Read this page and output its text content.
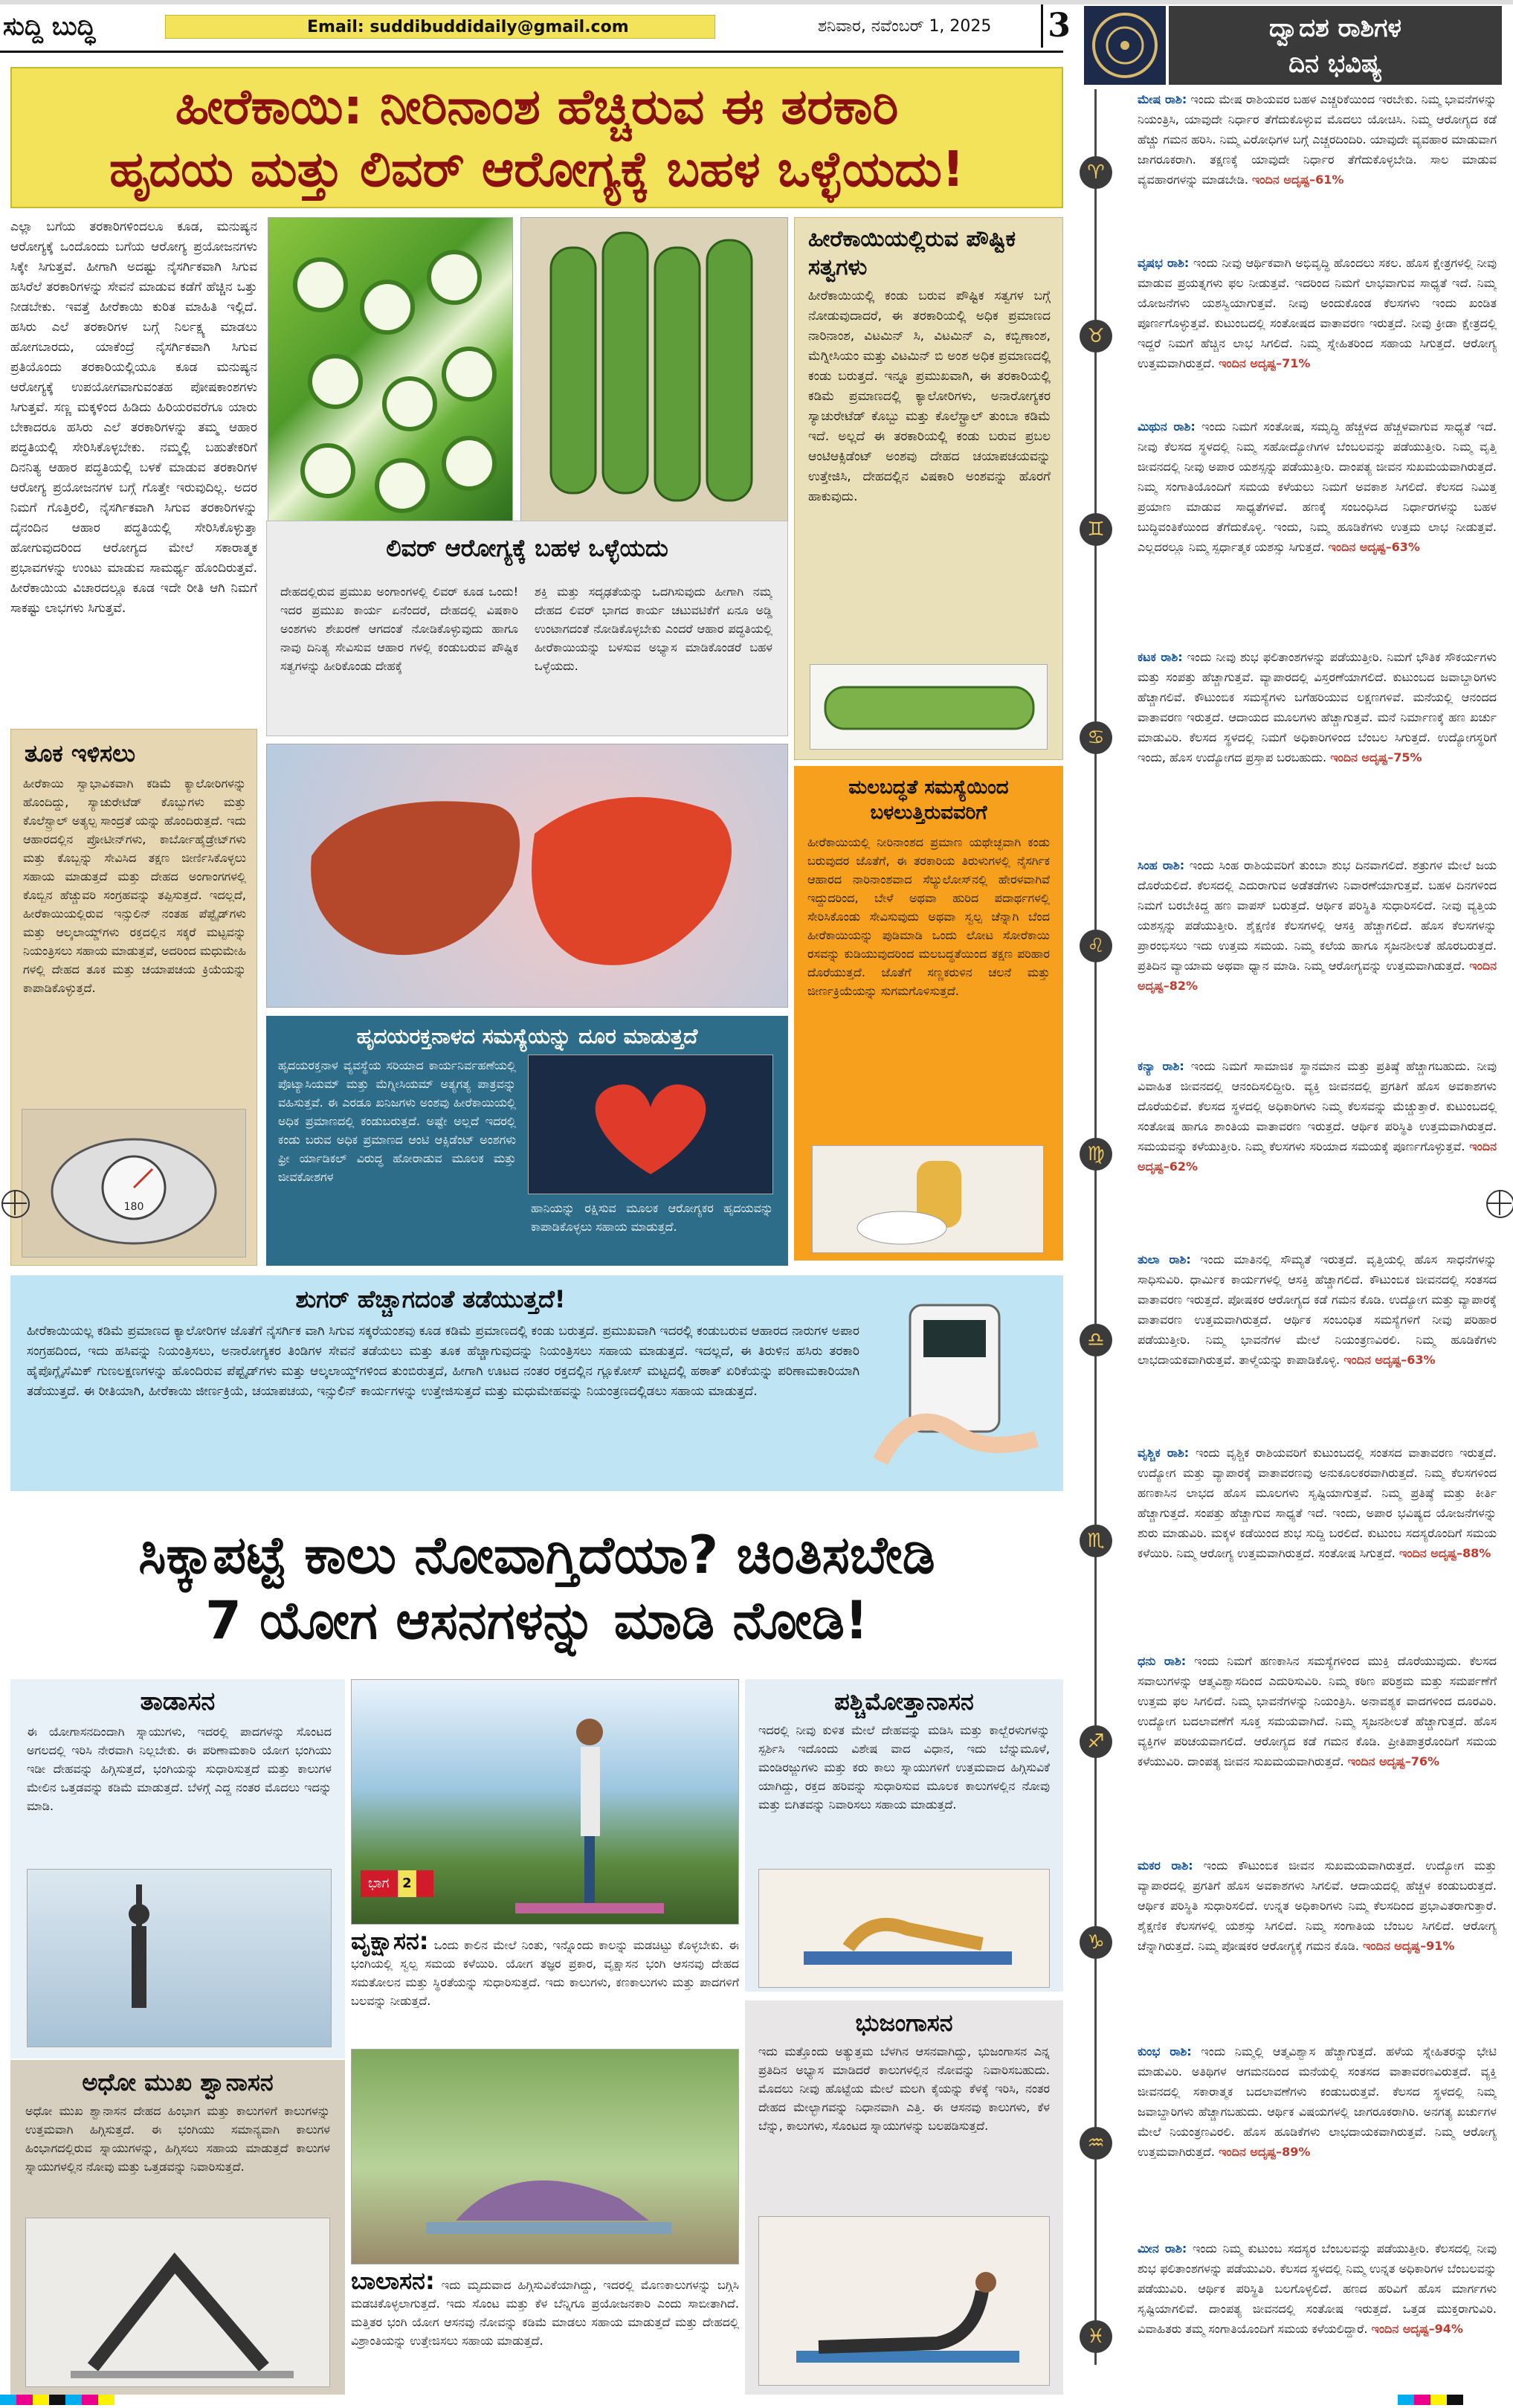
ಸುದ್ದಿ ಬುದ್ಧಿ	Email: suddibuddidaily@gmail.com	ಶನಿವಾರ, ನವೆಂಬರ್ 1, 2025	3
ಹೀರೆಕಾಯಿ: ನೀರಿನಾಂಶ ಹೆಚ್ಚಿರುವ ಈ ತರಕಾರಿ
ಹೃದಯ ಮತ್ತು ಲಿವರ್ ಆರೋಗ್ಯಕ್ಕೆ ಬಹಳ ಒಳ್ಳೆಯದು!
ಎಲ್ಲಾ ಬಗೆಯ ತರಕಾರಿಗಳಿಂದಲೂ ಕೂಡ, ಮನುಷ್ಯನ ಆರೋಗ್ಯಕ್ಕೆ ಒಂದೊಂದು ಬಗೆಯ ಆರೋಗ್ಯ ಪ್ರಯೋಜನಗಳು ಸಿಕ್ಕೇ ಸಿಗುತ್ತವೆ. ಹೀಗಾಗಿ ಅದಷ್ಟು ನೈಸರ್ಗಿಕವಾಗಿ ಸಿಗುವ ಹಸಿರೆಲೆ ತರಕಾರಿಗಳನ್ನು ಸೇವನೆ ಮಾಡುವ ಕಡೆಗೆ ಹೆಚ್ಚಿನ ಒತ್ತು ನೀಡಬೇಕು. ಇವತ್ತೆ ಹೀರೆಕಾಯಿ ಕುರಿತ ಮಾಹಿತಿ ಇಲ್ಲಿದೆ. ಹಸಿರು ಎಲೆ ತರಕಾರಿಗಳ ಬಗ್ಗೆ ನಿರ್ಲಕ್ಷ್ಯ ಮಾಡಲು ಹೋಗಬಾರದು, ಯಾಕೆಂದ್ರೆ ನೈಸರ್ಗಿಕವಾಗಿ ಸಿಗುವ ಪ್ರತಿಯೊಂದು ತರಕಾರಿಯಲ್ಲಿಯೂ ಕೂಡ ಮನುಷ್ಯನ ಆರೋಗ್ಯಕ್ಕೆ ಉಪಯೋಗವಾಗುವಂತಹ ಪೋಷಕಾಂಶಗಳು ಸಿಗುತ್ತವೆ. ಸಣ್ಣ ಮಕ್ಕಳಿಂದ ಹಿಡಿದು ಹಿರಿಯರವರೆಗೂ ಯಾರು ಬೇಕಾದರೂ ಹಸಿರು ಎಲೆ ತರಕಾರಿಗಳನ್ನು ತಮ್ಮ ಆಹಾರ ಪದ್ಧತಿಯಲ್ಲಿ ಸೇರಿಸಿಕೊಳ್ಳಬೇಕು. ನಮ್ಮಲ್ಲಿ ಬಹುತೇಕರಿಗೆ ದಿನನಿತ್ಯ ಆಹಾರ ಪದ್ಧತಿಯಲ್ಲಿ ಬಳಕೆ ಮಾಡುವ ತರಕಾರಿಗಳ ಆರೋಗ್ಯ ಪ್ರಯೋಜನಗಳ ಬಗ್ಗೆ ಗೊತ್ತೇ ಇರುವುದಿಲ್ಲ. ಅದರ ನಿಮಗೆ ಗೊತ್ತಿರಲಿ, ನೈಸರ್ಗಿಕವಾಗಿ ಸಿಗುವ ತರಕಾರಿಗಳನ್ನು ದೈನಂದಿನ ಆಹಾರ ಪದ್ಧತಿಯಲ್ಲಿ ಸೇರಿಸಿಕೊಳ್ಳುತ್ತಾ ಹೋಗುವುದರಿಂದ ಆರೋಗ್ಯದ ಮೇಲೆ ಸಕಾರಾತ್ಮಕ ಪ್ರಭಾವಗಳನ್ನು ಉಂಟು ಮಾಡುವ ಸಾಮರ್ಥ್ಯ ಹೊಂದಿರುತ್ತವೆ. ಹೀರೆಕಾಯಿಯ ವಿಚಾರದಲ್ಲೂ ಕೂಡ ಇದೇ ರೀತಿ ಆಗಿ ನಿಮಗೆ ಸಾಕಷ್ಟು ಲಾಭಗಳು ಸಿಗುತ್ತವೆ.
ಹೀರೆಕಾಯಿಯಲ್ಲಿರುವ ಪೌಷ್ಟಿಕ ಸತ್ವಗಳು
ಹೀರೆಕಾಯಿಯಲ್ಲಿ ಕಂಡು ಬರುವ ಪೌಷ್ಟಿಕ ಸತ್ವಗಳ ಬಗ್ಗೆ ನೋಡುವುದಾದರೆ, ಈ ತರಕಾರಿಯಲ್ಲಿ ಅಧಿಕ ಪ್ರಮಾಣದ ನಾರಿನಾಂಶ, ವಿಟಮಿನ್ ಸಿ, ವಿಟಮಿನ್ ಎ, ಕಬ್ಬಿಣಾಂಶ, ಮೆಗ್ನೀಸಿಯಂ ಮತ್ತು ವಿಟಮಿನ್ ಬಿ ಅಂಶ ಅಧಿಕ ಪ್ರಮಾಣದಲ್ಲಿ ಕಂಡು ಬರುತ್ತದೆ. ಇನ್ನೂ ಪ್ರಮುಖವಾಗಿ, ಈ ತರಕಾರಿಯಲ್ಲಿ ಕಡಿಮೆ ಪ್ರಮಾಣದಲ್ಲಿ ಕ್ಯಾಲೋರಿಗಳು, ಅನಾರೋಗ್ಯಕರ ಸ್ಯಾಚುರೇಟೆಡ್ ಕೊಬ್ಬು ಮತ್ತು ಕೊಲೆಸ್ಟ್ರಾಲ್ ತುಂಬಾ ಕಡಿಮೆ ಇದೆ. ಅಲ್ಲದೆ ಈ ತರಕಾರಿಯಲ್ಲಿ ಕಂಡು ಬರುವ ಪ್ರಬಲ ಆಂಟಿಆಕ್ಸಿಡೆಂಟ್ ಅಂಶವು ದೇಹದ ಚಯಾಪಚಯವನ್ನು ಉತ್ತೇಜಿಸಿ, ದೇಹದಲ್ಲಿನ ವಿಷಕಾರಿ ಅಂಶವನ್ನು ಹೊರಗೆ ಹಾಕುವುದು.
ಲಿವರ್ ಆರೋಗ್ಯಕ್ಕೆ ಬಹಳ ಒಳ್ಳೆಯದು
ದೇಹದಲ್ಲಿರುವ ಪ್ರಮುಖ ಅಂಗಾಂಗಳಲ್ಲಿ ಲಿವರ್ ಕೂಡ ಒಂದು! ಇದರ ಪ್ರಮುಖ ಕಾರ್ಯ ಏನೆಂದರೆ, ದೇಹದಲ್ಲಿ ವಿಷಕಾರಿ ಅಂಶಗಳು ಶೇಖರಣೆ ಆಗದಂತೆ ನೋಡಿಕೊಳ್ಳುವುದು ಹಾಗೂ ನಾವು ದಿನಿತ್ಯ ಸೇವಿಸುವ ಆಹಾರ ಗಳಲ್ಲಿ ಕಂಡುಬರುವ ಪೌಷ್ಟಿಕ ಸತ್ವಗಳನ್ನು ಹೀರಿಕೊಂಡು ದೇಹಕ್ಕೆ
ಶಕ್ತಿ ಮತ್ತು ಸದೃಢತೆಯನ್ನು ಒದಗಿಸುವುದು ಹೀಗಾಗಿ ನಮ್ಮ ದೇಹದ ಲಿವರ್ ಭಾಗದ ಕಾರ್ಯ ಚಟುವಟಿಕೆಗೆ ಏನೂ ಅಡ್ಡಿ ಉಂಟಾಗದಂತೆ ನೋಡಿಕೊಳ್ಳಬೇಕು ಎಂದರೆ ಆಹಾರ ಪದ್ಧತಿಯಲ್ಲಿ ಹೀರೆಕಾಯಿಯನ್ನು ಬಳಸುವ ಅಭ್ಯಾಸ ಮಾಡಿಕೊಂಡರೆ ಬಹಳ ಒಳ್ಳೆಯದು.
ತೂಕ ಇಳಿಸಲು
ಹೀರೆಕಾಯಿ ಸ್ವಾಭಾವಿಕವಾಗಿ ಕಡಿಮೆ ಕ್ಯಾಲೋರಿಗಳನ್ನು ಹೊಂದಿದ್ದು, ಸ್ಯಾಚುರೇಟೆಡ್ ಕೊಬ್ಬುಗಳು ಮತ್ತು ಕೊಲೆಸ್ಟ್ರಾಲ್ ಅತ್ಯಲ್ಪ ಸಾಂದ್ರತೆ ಯನ್ನು ಹೊಂದಿರುತ್ತದೆ. ಇದು ಆಹಾರದಲ್ಲಿನ ಪ್ರೋಟೀನ್‌ಗಳು, ಕಾರ್ಬೋಹೈಡ್ರೇಟ್‌ಗಳು ಮತ್ತು ಕೊಬ್ಬನ್ನು ಸೇವಿಸಿದ ತಕ್ಷಣ ಜೀರ್ಣಿಸಿಕೊಳ್ಳಲು ಸಹಾಯ ಮಾಡುತ್ತದೆ ಮತ್ತು ದೇಹದ ಅಂಗಾಂಗಗಳಲ್ಲಿ ಕೊಬ್ಬಿನ ಹೆಚ್ಚುವರಿ ಸಂಗ್ರಹವನ್ನು ತಪ್ಪಿಸುತ್ತದೆ. ಇದಲ್ಲದೆ, ಹೀರೆಕಾಯಿಯಲ್ಲಿರುವ ಇನ್ಸುಲಿನ್ ನಂತಹ ಪೆಪ್ಟೈಡ್‌ಗಳು ಮತ್ತು ಆಲ್ಕಲಾಯ್ಡ್‌ಗಳು ರಕ್ತದಲ್ಲಿನ ಸಕ್ಕರೆ ಮಟ್ಟವನ್ನು ನಿಯಂತ್ರಿಸಲು ಸಹಾಯ ಮಾಡುತ್ತವೆ, ಅದರಿಂದ ಮಧುಮೇಹಿ ಗಳಲ್ಲಿ ದೇಹದ ತೂಕ ಮತ್ತು ಚಯಾಪಚಯ ಕ್ರಿಯೆಯನ್ನು ಕಾಪಾಡಿಕೊಳ್ಳುತ್ತದೆ.
180
ಮಲಬದ್ಧತೆ ಸಮಸ್ಯೆಯಿಂದ ಬಳಲುತ್ತಿರುವವರಿಗೆ
ಹೀರೆಕಾಯಿಯಲ್ಲಿ ನೀರಿನಾಂಶದ ಪ್ರಮಾಣ ಯಥೇಚ್ಛವಾಗಿ ಕಂಡು ಬರುವುದರ ಜೊತೆಗೆ, ಈ ತರಕಾರಿಯ ತಿರುಳುಗಳಲ್ಲಿ ನೈಸರ್ಗಿಕ ಆಹಾರದ ನಾರಿನಾಂಶವಾದ ಸೆಲ್ಯುಲೋಸ್‌ನಲ್ಲಿ ಹೇರಳವಾಗಿವೆ ಇದ್ದುದರಿಂದ, ಬೇಳೆ ಅಥವಾ ಹುರಿದ ಪದಾರ್ಥಗಳಲ್ಲಿ ಸೇರಿಸಿಕೊಂಡು ಸೇವಿಸುವುದು ಅಥವಾ ಸ್ವಲ್ಪ ಚೆನ್ನಾಗಿ ಬೆಂದ ಹೀರೆಕಾಯಿಯನ್ನು ಪುಡಿಮಾಡಿ ಒಂದು ಲೋಟ ಸೋರೆಕಾಯಿ ರಸವನ್ನು ಕುಡಿಯುವುದರಿಂದ ಮಲಬದ್ಧತೆಯಿಂದ ತಕ್ಷಣ ಪರಿಹಾರ ದೊರೆಯುತ್ತದೆ. ಜೊತೆಗೆ ಸಣ್ಣಕರುಳಿನ ಚಲನೆ ಮತ್ತು ಜೀರ್ಣಕ್ರಿಯೆಯನ್ನು ಸುಗಮಗೊಳಿಸುತ್ತದೆ.
ಹೃದಯರಕ್ತನಾಳದ ಸಮಸ್ಯೆಯನ್ನು ದೂರ ಮಾಡುತ್ತದೆ
ಹೃದಯರಕ್ತನಾಳ ವ್ಯವಸ್ಥೆಯ ಸರಿಯಾದ ಕಾರ್ಯನಿರ್ವಹಣೆಯಲ್ಲಿ ಪೊಟ್ಯಾಸಿಯಮ್ ಮತ್ತು ಮೆಗ್ನೀಸಿಯಮ್ ಅತ್ಯಗತ್ಯ ಪಾತ್ರವನ್ನು ವಹಿಸುತ್ತವೆ. ಈ ಎರಡೂ ಖನಿಜಗಳು ಅಂಶವು ಹೀರೆಕಾಯಿಯಲ್ಲಿ ಅಧಿಕ ಪ್ರಮಾಣದಲ್ಲಿ ಕಂಡುಬರುತ್ತದೆ. ಅಷ್ಟೇ ಅಲ್ಲದೆ ಇದರಲ್ಲಿ ಕಂಡು ಬರುವ ಅಧಿಕ ಪ್ರಮಾಣದ ಆಂಟಿ ಆಕ್ಸಿಡೆಂಟ್ ಅಂಶಗಳು ಫ್ರೀ ರ್ಯಾಡಿಕಲ್ ವಿರುದ್ಧ ಹೋರಾಡುವ ಮೂಲಕ ಮತ್ತು ಜೀವಕೋಶಗಳ
ಹಾನಿಯನ್ನು ರಕ್ಷಿಸುವ ಮೂಲಕ ಆರೋಗ್ಯಕರ ಹೃದಯವನ್ನು ಕಾಪಾಡಿಕೊಳ್ಳಲು ಸಹಾಯ ಮಾಡುತ್ತದೆ.
ಶುಗರ್ ಹೆಚ್ಚಾಗದಂತೆ ತಡೆಯುತ್ತದೆ!
ಹೀರೆಕಾಯಿಯಲ್ಲ ಕಡಿಮೆ ಪ್ರಮಾಣದ ಕ್ಯಾಲೋರಿಗಳ ಜೊತೆಗೆ ನೈಸರ್ಗಿಕ ವಾಗಿ ಸಿಗುವ ಸಕ್ಕರೆಯಂಶವು ಕೂಡ ಕಡಿಮೆ ಪ್ರಮಾಣದಲ್ಲಿ ಕಂಡು ಬರುತ್ತದೆ. ಪ್ರಮುಖವಾಗಿ ಇದರಲ್ಲಿ ಕಂಡುಬರುವ ಆಹಾರದ ನಾರುಗಳ ಅಪಾರ ಸಂಗ್ರಹದಿಂದ, ಇದು ಹಸಿವನ್ನು ನಿಯಂತ್ರಿಸಲು, ಅನಾರೋಗ್ಯಕರ ತಿಂಡಿಗಳ ಸೇವನೆ ತಡೆಯಲು ಮತ್ತು ತೂಕ ಹೆಚ್ಚಾಗುವುದನ್ನು ನಿಯಂತ್ರಿಸಲು ಸಹಾಯ ಮಾಡುತ್ತದೆ. ಇದಲ್ಲದೆ, ಈ ತಿರುಳಿನ ಹಸಿರು ತರಕಾರಿ ಹೈಪೊಗ್ಲೈಸೆಮಿಕ್ ಗುಣಲಕ್ಷಣಗಳನ್ನು ಹೊಂದಿರುವ ಪೆಪ್ಟೈಡ್‌ಗಳು ಮತ್ತು ಆಲ್ಕಲಾಯ್ಡ್‌ಗಳಿಂದ ತುಂಬಿರುತ್ತದೆ, ಹೀಗಾಗಿ ಊಟದ ನಂತರ ರಕ್ತದಲ್ಲಿನ ಗ್ಲೂಕೋಸ್ ಮಟ್ಟದಲ್ಲಿ ಹಠಾತ್ ಏರಿಕೆಯನ್ನು ಪರಿಣಾಮಕಾರಿಯಾಗಿ ತಡೆಯುತ್ತದೆ. ಈ ರೀತಿಯಾಗಿ, ಹೀರೆಕಾಯಿ ಜೀರ್ಣಕ್ರಿಯೆ, ಚಯಾಪಚಯ, ಇನ್ಸುಲಿನ್ ಕಾರ್ಯಗಳನ್ನು ಉತ್ತೇಜಿಸುತ್ತದೆ ಮತ್ತು ಮಧುಮೇಹವನ್ನು ನಿಯಂತ್ರಣದಲ್ಲಿಡಲು ಸಹಾಯ ಮಾಡುತ್ತದೆ.
ಸಿಕ್ಕಾಪಟ್ಟೆ ಕಾಲು ನೋವಾಗ್ತಿದೆಯಾ? ಚಿಂತಿಸಬೇಡಿ
7 ಯೋಗ ಆಸನಗಳನ್ನು ಮಾಡಿ ನೋಡಿ!
ತಾಡಾಸನ
ಈ ಯೋಗಾಸನದಿಂದಾಗಿ ಸ್ನಾಯುಗಳು, ಇದರಲ್ಲಿ ಪಾದಗಳನ್ನು ಸೊಂಟದ ಅಗಲದಲ್ಲಿ ಇರಿಸಿ ನೇರವಾಗಿ ನಿಲ್ಲಬೇಕು. ಈ ಪರಿಣಾಮಕಾರಿ ಯೋಗ ಭಂಗಿಯು ಇಡೀ ದೇಹವನ್ನು ಹಿಗ್ಗಿಸುತ್ತದೆ, ಭಂಗಿಯನ್ನು ಸುಧಾರಿಸುತ್ತದೆ ಮತ್ತು ಕಾಲುಗಳ ಮೇಲಿನ ಒತ್ತಡವನ್ನು ಕಡಿಮೆ ಮಾಡುತ್ತದೆ. ಬೆಳಗ್ಗೆ ಎದ್ದ ನಂತರ ಮೊದಲು ಇದನ್ನು ಮಾಡಿ.
ಭಾಗ 2
ವೃಕ್ಷಾಸನ: ಒಂದು ಕಾಲಿನ ಮೇಲೆ ನಿಂತು, ಇನ್ನೊಂದು ಕಾಲನ್ನು ಮಡಚಿಟ್ಟು ಕೊಳ್ಳಬೇಕು. ಈ ಭಂಗಿಯಲ್ಲಿ ಸ್ವಲ್ಪ ಸಮಯ ಕಳೆಯಿರಿ. ಯೋಗ ತಜ್ಞರ ಪ್ರಕಾರ, ವೃಕ್ಷಾಸನ ಭಂಗಿ ಆಸನವು ದೇಹದ ಸಮತೋಲನ ಮತ್ತು ಸ್ಥಿರತೆಯನ್ನು ಸುಧಾರಿಸುತ್ತದೆ. ಇದು ಕಾಲುಗಳು, ಕಣಕಾಲುಗಳು ಮತ್ತು ಪಾದಗಳಿಗೆ ಬಲವನ್ನು ನೀಡುತ್ತದೆ.
ಪಶ್ಚಿಮೋತ್ತಾನಾಸನ
ಇದರಲ್ಲಿ ನೀವು ಕುಳಿತ ಮೇಲೆ ದೇಹವನ್ನು ಮಡಿಸಿ ಮತ್ತು ಕಾಲ್ಬೆರಳುಗಳನ್ನು ಸ್ಪರ್ಶಿಸಿ ಇದೊಂದು ವಿಶೇಷ ವಾದ ವಿಧಾನ, ಇದು ಬೆನ್ನುಮೂಳೆ, ಮಂಡಿರಜ್ಜುಗಳು ಮತ್ತು ಕರು ಕಾಲು ಸ್ನಾಯುಗಳಿಗೆ ಉತ್ತಮವಾದ ಹಿಗ್ಗಿಸುವಿಕೆ ಯಾಗಿದ್ದು, ರಕ್ತದ ಹರಿವನ್ನು ಸುಧಾರಿಸುವ ಮೂಲಕ ಕಾಲುಗಳಲ್ಲಿನ ನೋವು ಮತ್ತು ಬಿಗಿತವನ್ನು ನಿವಾರಿಸಲು ಸಹಾಯ ಮಾಡುತ್ತದೆ.
ಅಧೋ ಮುಖ ಶ್ವಾನಾಸನ
ಅಧೋ ಮುಖ ಶ್ವಾನಾಸನ ದೇಹದ ಹಿಂಭಾಗ ಮತ್ತು ಕಾಲುಗಳಿಗೆ ಕಾಲುಗಳನ್ನು ಉತ್ತಮವಾಗಿ ಹಿಗ್ಗಿಸುತ್ತದೆ. ಈ ಭಂಗಿಯು ಸಮಾನ್ಯವಾಗಿ ಕಾಲುಗಳ ಹಿಂಭಾಗದಲ್ಲಿರುವ ಸ್ನಾಯುಗಳನ್ನು, ಹಿಗ್ಗಿಸಲು ಸಹಾಯ ಮಾಡುತ್ತದೆ ಕಾಲುಗಳ ಸ್ನಾಯುಗಳಲ್ಲಿನ ನೋವು ಮತ್ತು ಒತ್ತಡವನ್ನು ನಿವಾರಿಸುತ್ತದೆ.
ಬಾಲಾಸನ: ಇದು ಮೃದುವಾದ ಹಿಗ್ಗಿಸುವಿಕೆಯಾಗಿದ್ದು, ಇದರಲ್ಲಿ ಮೊಣಕಾಲುಗಳನ್ನು ಬಗ್ಗಿಸಿ ಮಡಚಿಕೊಳ್ಳಲಾಗುತ್ತದೆ. ಇದು ಸೊಂಟ ಮತ್ತು ಕೆಳ ಬೆನ್ನಿಗೂ ಪ್ರಯೋಜನಕಾರಿ ಎಂದು ಸಾಬೀತಾಗಿದೆ. ಮತ್ತಿತರ ಭಂಗಿ ಯೋಗ ಆಸನವು ನೋವನ್ನು ಕಡಿಮೆ ಮಾಡಲು ಸಹಾಯ ಮಾಡುತ್ತದೆ ಮತ್ತು ದೇಹದಲ್ಲಿ ವಿಶ್ರಾಂತಿಯನ್ನು ಉತ್ತೇಜಿಸಲು ಸಹಾಯ ಮಾಡುತ್ತದೆ.
ಭುಜಂಗಾಸನ
ಇದು ಮತ್ತೊಂದು ಅತ್ಯುತ್ತಮ ಬೆಳಗಿನ ಆಸನವಾಗಿದ್ದು, ಭುಜಂಗಾಸನ ಎನ್ನ ಪ್ರತಿದಿನ ಅಭ್ಯಾಸ ಮಾಡಿದರೆ ಕಾಲುಗಳಲ್ಲಿನ ನೋವನ್ನು ನಿವಾರಿಸಬಹುದು. ಮೊದಲು ನೀವು ಹೊಟ್ಟೆಯ ಮೇಲೆ ಮಲಗಿ ಕೈಯನ್ನು ಕೆಳಕ್ಕೆ ಇರಿಸಿ, ನಂತರ ದೇಹದ ಮೇಲ್ಭಾಗವನ್ನು ನಿಧಾನವಾಗಿ ಎತ್ತಿ. ಈ ಆಸನವು ಕಾಲುಗಳು, ಕೆಳ ಬೆನ್ನು, ಕಾಲುಗಳು, ಸೊಂಟದ ಸ್ನಾಯುಗಳನ್ನು ಬಲಪಡಿಸುತ್ತದೆ.
ದ್ವಾದಶ ರಾಶಿಗಳ
ದಿನ ಭವಿಷ್ಯ
ಮೇಷ ರಾಶಿ: ಇಂದು ಮೇಷ ರಾಶಿಯವರ ಬಹಳ ಎಚ್ಚರಿಕೆಯಿಂದ ಇರಬೇಕು. ನಿಮ್ಮ ಭಾವನೆಗಳನ್ನು ನಿಯಂತ್ರಿಸಿ, ಯಾವುದೇ ನಿರ್ಧಾರ ತೆಗೆದುಕೊಳ್ಳುವ ಮೊದಲು ಯೋಚಿಸಿ. ನಿಮ್ಮ ಆರೋಗ್ಯದ ಕಡೆ ಹೆಚ್ಚು ಗಮನ ಹರಿಸಿ. ನಿಮ್ಮ ವಿರೋಧಿಗಳ ಬಗ್ಗೆ ಎಚ್ಚರದಿಂದಿರಿ. ಯಾವುದೇ ವ್ಯವಹಾರ ಮಾಡುವಾಗ ಜಾಗರೂಕರಾಗಿ. ತಕ್ಷಣಕ್ಕೆ ಯಾವುದೇ ನಿರ್ಧಾರ ತೆಗೆದುಕೊಳ್ಳಬೇಡಿ. ಸಾಲ ಮಾಡುವ ವ್ಯವಹಾರಗಳನ್ನು ಮಾಡಬೇಡಿ. ಇಂದಿನ ಅದೃಷ್ಟ–61%
ವೃಷಭ ರಾಶಿ: ಇಂದು ನೀವು ಆರ್ಥಿಕವಾಗಿ ಅಭಿವೃದ್ಧಿ ಹೊಂದಲು ಸಕಲ. ಹೊಸ ಕ್ಷೇತ್ರಗಳಲ್ಲಿ ನೀವು ಮಾಡುವ ಪ್ರಯತ್ನಗಳು ಫಲ ನೀಡುತ್ತವೆ. ಇದರಿಂದ ನಿಮಗೆ ಲಾಭವಾಗುವ ಸಾಧ್ಯತೆ ಇದೆ. ನಿಮ್ಮ ಯೋಜನೆಗಳು ಯಶಸ್ವಿಯಾಗುತ್ತವೆ. ನೀವು ಅಂದುಕೊಂಡ ಕೆಲಸಗಳು ಇಂದು ಖಂಡಿತ ಪೂರ್ಣಗೊಳ್ಳುತ್ತವೆ. ಕುಟುಂಬದಲ್ಲಿ ಸಂತೋಷದ ವಾತಾವರಣ ಇರುತ್ತದೆ. ನೀವು ಕ್ರೀಡಾ ಕ್ಷೇತ್ರದಲ್ಲಿ ಇದ್ದರೆ ನಿಮಗೆ ಹೆಚ್ಚಿನ ಲಾಭ ಸಿಗಲಿದೆ. ನಿಮ್ಮ ಸ್ನೇಹಿತರಿಂದ ಸಹಾಯ ಸಿಗುತ್ತದೆ. ಆರೋಗ್ಯ ಉತ್ತಮವಾಗಿರುತ್ತದೆ. ಇಂದಿನ ಅದೃಷ್ಟ–71%
ಮಿಥುನ ರಾಶಿ: ಇಂದು ನಿಮಗೆ ಸಂತೋಷ, ಸಮೃದ್ಧಿ ಹೆಚ್ಚಳದ ಹೆಚ್ಚಳವಾಗುವ ಸಾಧ್ಯತೆ ಇದೆ. ನೀವು ಕೆಲಸದ ಸ್ಥಳದಲ್ಲಿ ನಿಮ್ಮ ಸಹೋದ್ಯೋಗಿಗಳ ಬೆಂಬಲವನ್ನು ಪಡೆಯುತ್ತೀರಿ. ನಿಮ್ಮ ವೃತ್ತಿ ಜೀವನದಲ್ಲಿ ನೀವು ಅಪಾರ ಯಶಸ್ಸನ್ನು ಪಡೆಯುತ್ತೀರಿ. ದಾಂಪತ್ಯ ಜೀವನ ಸುಖಮಯವಾಗಿರುತ್ತದೆ. ನಿಮ್ಮ ಸಂಗಾತಿಯೊಂದಿಗೆ ಸಮಯ ಕಳೆಯಲು ನಿಮಗೆ ಅವಕಾಶ ಸಿಗಲಿದೆ. ಕೆಲಸದ ನಿಮಿತ್ತ ಪ್ರಯಾಣ ಮಾಡುವ ಸಾಧ್ಯತೆಗಳಿವೆ. ಹಣಕ್ಕೆ ಸಂಬಂಧಿಸಿದ ನಿರ್ಧಾರಗಳನ್ನು ಬಹಳ ಬುದ್ಧಿವಂತಿಕೆಯಿಂದ ತೆಗೆದುಕೊಳ್ಳಿ. ಇಂದು, ನಿಮ್ಮ ಹೂಡಿಕೆಗಳು ಉತ್ತಮ ಲಾಭ ನೀಡುತ್ತವೆ. ಎಲ್ಲದರಲ್ಲೂ ನಿಮ್ಮ ಸ್ಪರ್ಧಾತ್ಮಕ ಯಶಸ್ಸು ಸಿಗುತ್ತದೆ. ಇಂದಿನ ಅದೃಷ್ಟ–63%
ಕಟಕ ರಾಶಿ: ಇಂದು ನೀವು ಶುಭ ಫಲಿತಾಂಶಗಳನ್ನು ಪಡೆಯುತ್ತೀರಿ. ನಿಮಗೆ ಭೌತಿಕ ಸೌಕರ್ಯಗಳು ಮತ್ತು ಸಂಪತ್ತು ಹೆಚ್ಚಾಗುತ್ತವೆ. ವ್ಯಾಪಾರದಲ್ಲಿ ವಿಸ್ತರಣೆಯಾಗಲಿದೆ. ಕುಟುಂಬದ ಜವಾಬ್ದಾರಿಗಳು ಹೆಚ್ಚಾಗಲಿವೆ. ಕೌಟುಂಬಿಕ ಸಮಸ್ಯೆಗಳು ಬಗೆಹರಿಯುವ ಲಕ್ಷಣಗಳಿವೆ. ಮನೆಯಲ್ಲಿ ಆನಂದದ ವಾತಾವರಣ ಇರುತ್ತದೆ. ಆದಾಯದ ಮೂಲಗಳು ಹೆಚ್ಚಾಗುತ್ತವೆ. ಮನೆ ನಿರ್ಮಾಣಕ್ಕೆ ಹಣ ಖರ್ಚು ಮಾಡುವಿರಿ. ಕೆಲಸದ ಸ್ಥಳದಲ್ಲಿ ನಿಮಗೆ ಅಧಿಕಾರಿಗಳಿಂದ ಬೆಂಬಲ ಸಿಗುತ್ತದೆ. ಉದ್ಯೋಗಸ್ಥರಿಗೆ ಇಂದು, ಹೊಸ ಉದ್ಯೋಗದ ಪ್ರಸ್ತಾಪ ಬರಬಹುದು. ಇಂದಿನ ಅದೃಷ್ಟ–75%
ಸಿಂಹ ರಾಶಿ: ಇಂದು ಸಿಂಹ ರಾಶಿಯವರಿಗೆ ತುಂಬಾ ಶುಭ ದಿನವಾಗಲಿದೆ. ಶತ್ರುಗಳ ಮೇಲೆ ಜಯ ದೊರೆಯಲಿದೆ. ಕೆಲಸದಲ್ಲಿ ಎದುರಾಗುವ ಅಡೆತಡೆಗಳು ನಿವಾರಣೆಯಾಗುತ್ತವೆ. ಬಹಳ ದಿನಗಳಿಂದ ನಿಮಗೆ ಬರಬೇಕಿದ್ದ ಹಣ ವಾಪಸ್ ಬರುತ್ತದೆ. ಆರ್ಥಿಕ ಪರಿಸ್ಥಿತಿ ಸುಧಾರಿಸಲಿದೆ. ನೀವು ವ್ಯತ್ತಿಯ ಯಶಸ್ಸನ್ನು ಪಡೆಯುತ್ತೀರಿ. ಶೈಕ್ಷಣಿಕ ಕೆಲಸಗಳಲ್ಲಿ ಆಸಕ್ತಿ ಹೆಚ್ಚಾಗಲಿದೆ. ಹೊಸ ಕೆಲಸಗಳನ್ನು ಪ್ರಾರಂಭಿಸಲು ಇದು ಉತ್ತಮ ಸಮಯ. ನಿಮ್ಮ ಕಲೆಯ ಹಾಗೂ ಸೃಜನಶೀಲತೆ ಹೊರಬರುತ್ತದೆ. ಪ್ರತಿದಿನ ವ್ಯಾಯಾಮ ಅಥವಾ ಧ್ಯಾನ ಮಾಡಿ. ನಿಮ್ಮ ಆರೋಗ್ಯವನ್ನು ಉತ್ತಮವಾಗಿಡುತ್ತದೆ. ಇಂದಿನ ಅದೃಷ್ಟ–82%
ಕನ್ಯಾ ರಾಶಿ: ಇಂದು ನಿಮಗೆ ಸಾಮಾಜಿಕ ಸ್ಥಾನಮಾನ ಮತ್ತು ಪ್ರತಿಷ್ಠೆ ಹೆಚ್ಚಾಗಬಹುದು. ನೀವು ವಿವಾಹಿತ ಜೀವನದಲ್ಲಿ ಆನಂದಿಸಲಿದ್ದೀರಿ. ವ್ಯಕ್ತಿ ಜೀವನದಲ್ಲಿ ಪ್ರಗತಿಗೆ ಹೊಸ ಅವಕಾಶಗಳು ದೊರೆಯಲಿವೆ. ಕೆಲಸದ ಸ್ಥಳದಲ್ಲಿ ಅಧಿಕಾರಿಗಳು ನಿಮ್ಮ ಕೆಲಸವನ್ನು ಮೆಚ್ಚುತ್ತಾರೆ. ಕುಟುಂಬದಲ್ಲಿ ಸಂತೋಷ ಹಾಗೂ ಶಾಂತಿಯ ವಾತಾವರಣ ಇರುತ್ತದೆ. ಆರ್ಥಿಕ ಪರಿಸ್ಥಿತಿ ಉತ್ತಮವಾಗಿರುತ್ತದೆ. ಸಮಯವನ್ನು ಕಳೆಯುತ್ತೀರಿ. ನಿಮ್ಮ ಕೆಲಸಗಳು ಸರಿಯಾದ ಸಮಯಕ್ಕೆ ಪೂರ್ಣಗೊಳ್ಳುತ್ತವೆ. ಇಂದಿನ ಅದೃಷ್ಟ–62%
ತುಲಾ ರಾಶಿ: ಇಂದು ಮಾತಿನಲ್ಲಿ ಸೌಮ್ಯತೆ ಇರುತ್ತದೆ. ವೃತ್ತಿಯಲ್ಲಿ ಹೊಸ ಸಾಧನೆಗಳನ್ನು ಸಾಧಿಸುವಿರಿ. ಧಾರ್ಮಿಕ ಕಾರ್ಯಗಳಲ್ಲಿ ಆಸಕ್ತಿ ಹೆಚ್ಚಾಗಲಿದೆ. ಕೌಟುಂಬಿಕ ಜೀವನದಲ್ಲಿ ಸಂತಸದ ವಾತಾವರಣ ಇರುತ್ತದೆ. ಪೋಷಕರ ಆರೋಗ್ಯದ ಕಡೆ ಗಮನ ಕೊಡಿ. ಉದ್ಯೋಗ ಮತ್ತು ವ್ಯಾಪಾರಕ್ಕೆ ವಾತಾವರಣ ಉತ್ತಮವಾಗಿರುತ್ತದೆ. ಆರ್ಥಿಕ ಸಂಬಂಧಿತ ಸಮಸ್ಯೆಗಳಿಗೆ ನೀವು ಪರಿಹಾರ ಪಡೆಯುತ್ತೀರಿ. ನಿಮ್ಮ ಭಾವನೆಗಳ ಮೇಲೆ ನಿಯಂತ್ರಣವಿರಲಿ. ನಿಮ್ಮ ಹೂಡಿಕೆಗಳು ಲಾಭದಾಯಕವಾಗಿರುತ್ತವೆ. ತಾಳ್ಮೆಯನ್ನು ಕಾಪಾಡಿಕೊಳ್ಳಿ. ಇಂದಿನ ಅದೃಷ್ಟ–63%
ವೃಶ್ಚಿಕ ರಾಶಿ: ಇಂದು ವೃಶ್ಚಿಕ ರಾಶಿಯವರಿಗೆ ಕುಟುಂಬದಲ್ಲಿ ಸಂತಸದ ವಾತಾವರಣ ಇರುತ್ತದೆ. ಉದ್ಯೋಗ ಮತ್ತು ವ್ಯಾಪಾರಕ್ಕೆ ವಾತಾವರಣವು ಅನುಕೂಲಕರವಾಗಿರುತ್ತದೆ. ನಿಮ್ಮ ಕೆಲಸಗಳಿಂದ ಹಣಕಾಸಿನ ಲಾಭದ ಹೊಸ ಮೂಲಗಳು ಸೃಷ್ಟಿಯಾಗುತ್ತವೆ. ನಿಮ್ಮ ಪ್ರತಿಷ್ಠೆ ಮತ್ತು ಕೀರ್ತಿ ಹೆಚ್ಚಾಗುತ್ತದೆ. ಸಂಪತ್ತು ಹೆಚ್ಚಾಗುವ ಸಾಧ್ಯತೆ ಇದೆ. ಇಂದು, ಅಪಾರ ಭವಿಷ್ಯದ ಯೋಜನೆಗಳನ್ನು ಶುರು ಮಾಡುವಿರಿ. ಮಕ್ಕಳ ಕಡೆಯಿಂದ ಶುಭ ಸುದ್ದಿ ಬರಲಿದೆ. ಕುಟುಂಬ ಸದಸ್ಯರೊಂದಿಗೆ ಸಮಯ ಕಳೆಯಿರಿ. ನಿಮ್ಮ ಆರೋಗ್ಯ ಉತ್ತಮವಾಗಿರುತ್ತದೆ. ಸಂತೋಷ ಸಿಗುತ್ತದೆ. ಇಂದಿನ ಅದೃಷ್ಟ–88%
ಧನು ರಾಶಿ: ಇಂದು ನಿಮಗೆ ಹಣಕಾಸಿನ ಸಮಸ್ಯೆಗಳಿಂದ ಮುಕ್ತಿ ದೊರೆಯುವುದು. ಕೆಲಸದ ಸವಾಲುಗಳನ್ನು ಆತ್ಮವಿಶ್ವಾಸದಿಂದ ಎದುರಿಸುವಿರಿ. ನಿಮ್ಮ ಕಠಿಣ ಪರಿಶ್ರಮ ಮತ್ತು ಸಮರ್ಪಣೆಗೆ ಉತ್ತಮ ಫಲ ಸಿಗಲಿದೆ. ನಿಮ್ಮ ಭಾವನೆಗಳನ್ನು ನಿಯಂತ್ರಿಸಿ. ಅನಾವಶ್ಯಕ ವಾದಗಳಿಂದ ದೂರವಿರಿ. ಉದ್ಯೋಗ ಬದಲಾವಣೆಗೆ ಸೂಕ್ತ ಸಮಯವಾಗಿದೆ. ನಿಮ್ಮ ಸೃಜನಶೀಲತೆ ಹೆಚ್ಚಾಗುತ್ತದೆ. ಹೊಸ ವ್ಯಕ್ತಿಗಳ ಪರಿಚಯವಾಗಲಿದೆ. ಆರೋಗ್ಯದ ಕಡೆ ಗಮನ ಕೊಡಿ. ಪ್ರೀತಿಪಾತ್ರರೊಂದಿಗೆ ಸಮಯ ಕಳೆಯುವಿರಿ. ದಾಂಪತ್ಯ ಜೀವನ ಸುಖಮಯವಾಗಿರುತ್ತದೆ. ಇಂದಿನ ಅದೃಷ್ಟ–76%
ಮಕರ ರಾಶಿ: ಇಂದು ಕೌಟುಂಬಿಕ ಜೀವನ ಸುಖಮಯವಾಗಿರುತ್ತದೆ. ಉದ್ಯೋಗ ಮತ್ತು ವ್ಯಾಪಾರದಲ್ಲಿ ಪ್ರಗತಿಗೆ ಹೊಸ ಅವಕಾಶಗಳು ಸಿಗಲಿವೆ. ಆದಾಯದಲ್ಲಿ ಹೆಚ್ಚಳ ಕಂಡುಬರುತ್ತದೆ. ಆರ್ಥಿಕ ಪರಿಸ್ಥಿತಿ ಸುಧಾರಿಸಲಿದೆ. ಉನ್ನತ ಅಧಿಕಾರಿಗಳು ನಿಮ್ಮ ಕೆಲಸದಿಂದ ಪ್ರಭಾವಿತರಾಗುತ್ತಾರೆ. ಶೈಕ್ಷಣಿಕ ಕೆಲಸಗಳಲ್ಲಿ ಯಶಸ್ಸು ಸಿಗಲಿದೆ. ನಿಮ್ಮ ಸಂಗಾತಿಯ ಬೆಂಬಲ ಸಿಗಲಿದೆ. ಆರೋಗ್ಯ ಚೆನ್ನಾಗಿರುತ್ತದೆ. ನಿಮ್ಮ ಪೋಷಕರ ಆರೋಗ್ಯಕ್ಕೆ ಗಮನ ಕೊಡಿ. ಇಂದಿನ ಅದೃಷ್ಟ–91%
ಕುಂಭ ರಾಶಿ: ಇಂದು ನಿಮ್ಮಲ್ಲಿ ಆತ್ಮವಿಶ್ವಾಸ ಹೆಚ್ಚಾಗುತ್ತದೆ. ಹಳೆಯ ಸ್ನೇಹಿತರನ್ನು ಭೇಟಿ ಮಾಡುವಿರಿ. ಅತಿಥಿಗಳ ಆಗಮನದಿಂದ ಮನೆಯಲ್ಲಿ ಸಂತಸದ ವಾತಾವರಣವಿರುತ್ತದೆ. ವ್ಯಕ್ತಿ ಜೀವನದಲ್ಲಿ ಸಕಾರಾತ್ಮಕ ಬದಲಾವಣೆಗಳು ಕಂಡುಬರುತ್ತವೆ. ಕೆಲಸದ ಸ್ಥಳದಲ್ಲಿ ನಿಮ್ಮ ಜವಾಬ್ದಾರಿಗಳು ಹೆಚ್ಚಾಗಬಹುದು. ಆರ್ಥಿಕ ವಿಷಯಗಳಲ್ಲಿ ಜಾಗರೂಕರಾಗಿರಿ. ಅನಗತ್ಯ ಖರ್ಚುಗಳ ಮೇಲೆ ನಿಯಂತ್ರಣವಿರಲಿ. ಹೊಸ ಹೂಡಿಕೆಗಳು ಲಾಭದಾಯಕವಾಗಿರುತ್ತವೆ. ನಿಮ್ಮ ಆರೋಗ್ಯ ಉತ್ತಮವಾಗಿರುತ್ತದೆ. ಇಂದಿನ ಅದೃಷ್ಟ–89%
ಮೀನ ರಾಶಿ: ಇಂದು ನಿಮ್ಮ ಕುಟುಂಬ ಸದಸ್ಯರ ಬೆಂಬಲವನ್ನು ಪಡೆಯುತ್ತೀರಿ. ಕೆಲಸದಲ್ಲಿ ನೀವು ಶುಭ ಫಲಿತಾಂಶಗಳನ್ನು ಪಡೆಯುವಿರಿ. ಕೆಲಸದ ಸ್ಥಳದಲ್ಲಿ ನಿಮ್ಮ ಉನ್ನತ ಅಧಿಕಾರಿಗಳ ಬೆಂಬಲವನ್ನು ಪಡೆಯುವಿರಿ. ಆರ್ಥಿಕ ಪರಿಸ್ಥಿತಿ ಬಲಗೊಳ್ಳಲಿದೆ. ಹಣದ ಹರಿವಿಗೆ ಹೊಸ ಮಾರ್ಗಗಳು ಸೃಷ್ಟಿಯಾಗಲಿವೆ. ದಾಂಪತ್ಯ ಜೀವನದಲ್ಲಿ ಸಂತೋಷ ಇರುತ್ತದೆ. ಒತ್ತಡ ಮುಕ್ತರಾಗುವಿರಿ. ವಿವಾಹಿತರು ತಮ್ಮ ಸಂಗಾತಿಯೊಂದಿಗೆ ಸಮಯ ಕಳೆಯಲಿದ್ದಾರೆ. ಇಂದಿನ ಅದೃಷ್ಟ–94%
♈
♉
♊
♋
♌
♍
♎
♏
♐
♑
♒
♓
